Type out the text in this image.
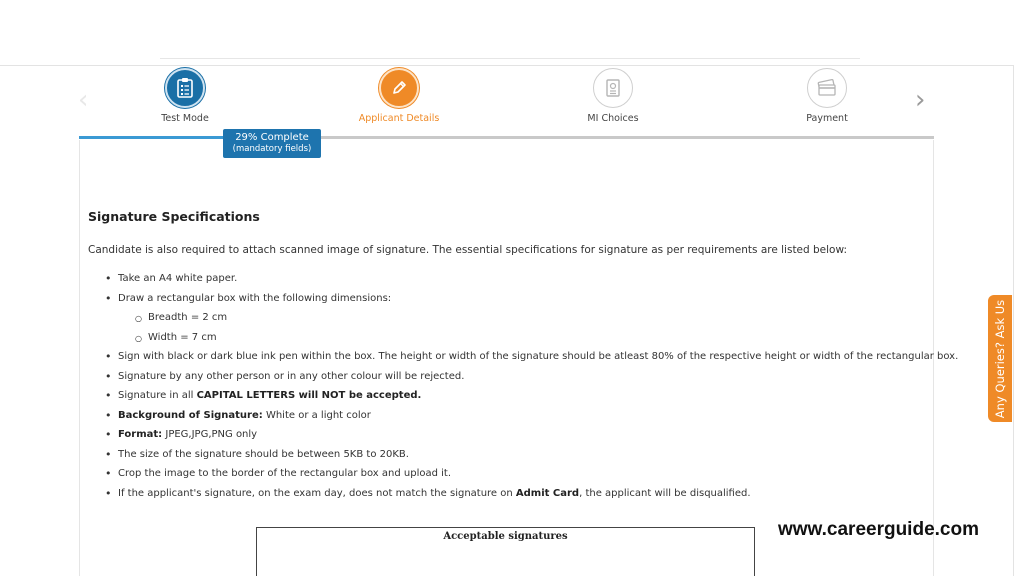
‹	›
Test Mode	Applicant Details	MI Choices	Payment
29% Complete
(mandatory fields)
Signature Specifications

Candidate is also required to attach scanned image of signature. The essential specifications for signature as per requirements are listed below:

• Take an A4 white paper.
• Draw a rectangular box with the following dimensions:
○ Breadth = 2 cm
○ Width = 7 cm
• Sign with black or dark blue ink pen within the box. The height or width of the signature should be atleast 80% of the respective height or width of the rectangular box.
• Signature by any other person or in any other colour will be rejected.
• Signature in all CAPITAL LETTERS will NOT be accepted.
• Background of Signature: White or a light color
• Format: JPEG,JPG,PNG only
• The size of the signature should be between 5KB to 20KB.
• Crop the image to the border of the rectangular box and upload it.
• If the applicant's signature, on the exam day, does not match the signature on Admit Card, the applicant will be disqualified.
Acceptable signatures	www.careerguide.com
Any Queries? Ask Us
